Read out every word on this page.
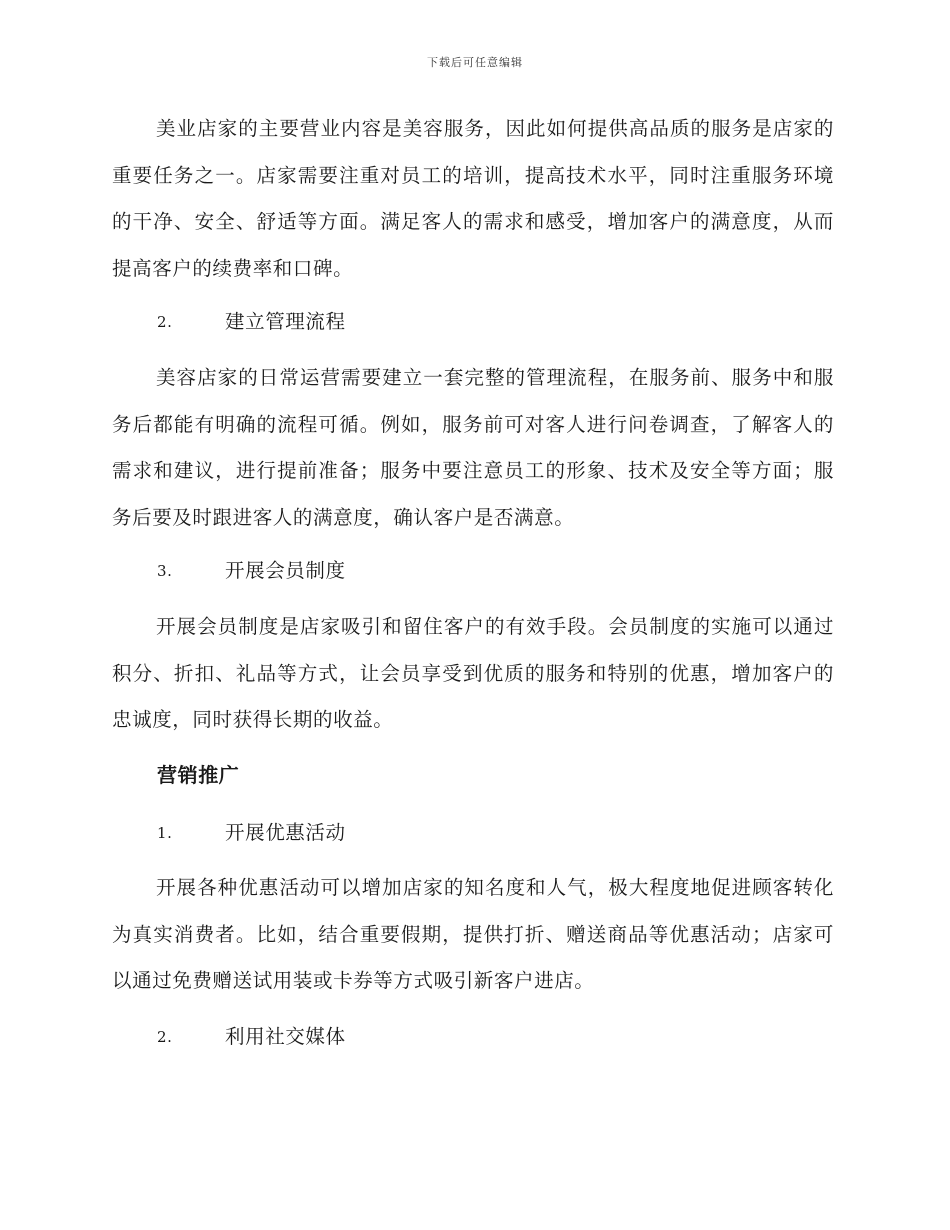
下载后可任意编辑

美业店家的主要营业内容是美容服务，因此如何提供高品质的服务是店家的重要任务之一。店家需要注重对员工的培训，提高技术水平，同时注重服务环境的干净、安全、舒适等方面。满足客人的需求和感受，增加客户的满意度，从而提高客户的续费率和口碑。

2.	建立管理流程

美容店家的日常运营需要建立一套完整的管理流程，在服务前、服务中和服务后都能有明确的流程可循。例如，服务前可对客人进行问卷调查，了解客人的需求和建议，进行提前准备；服务中要注意员工的形象、技术及安全等方面；服务后要及时跟进客人的满意度，确认客户是否满意。

3.	开展会员制度

开展会员制度是店家吸引和留住客户的有效手段。会员制度的实施可以通过积分、折扣、礼品等方式，让会员享受到优质的服务和特别的优惠，增加客户的忠诚度，同时获得长期的收益。

营销推广

1.	开展优惠活动

开展各种优惠活动可以增加店家的知名度和人气，极大程度地促进顾客转化为真实消费者。比如，结合重要假期，提供打折、赠送商品等优惠活动；店家可以通过免费赠送试用装或卡券等方式吸引新客户进店。

2.	利用社交媒体
